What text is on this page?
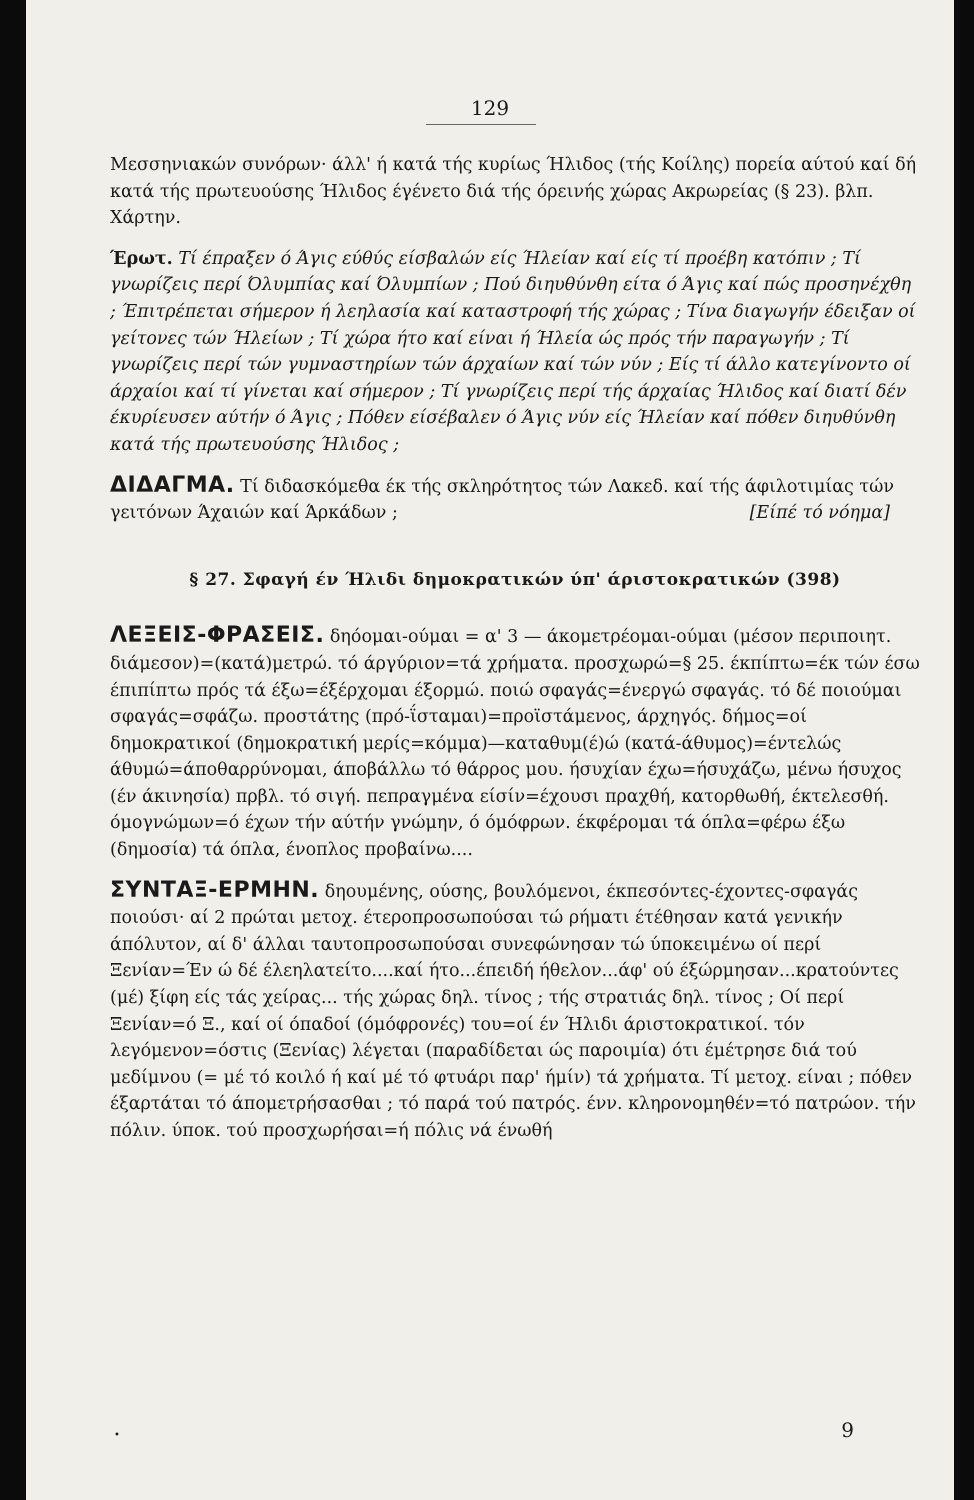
129

Μεσσηνιακών συνόρων· άλλ' ή κατά τής κυρίως Ήλιδος (τής Κοίλης) πορεία αύτού καί δή κατά τής πρωτευούσης Ήλιδος έγένετο διά τής όρεινής χώρας Ακρωρείας (§ 23). βλπ. Χάρτην.

Έρωτ. Τί έπραξεν ό Άγις εύθύς είσβαλών είς Ήλείαν καί είς τί προέβη κατόπιν ; Τί γνωρίζεις περί Όλυμπίας καί Όλυμπίων ; Πού διηυθύνθη είτα ό Άγις καί πώς προσηνέχθη ; Έπιτρέπεται σήμερον ή λεηλασία καί καταστροφή τής χώρας ; Τίνα διαγωγήν έδειξαν οί γείτονες τών Ήλείων ; Τί χώρα ήτο καί είναι ή Ήλεία ώς πρός τήν παραγωγήν ; Τί γνωρίζεις περί τών γυμναστηρίων τών άρχαίων καί τών νύν ; Είς τί άλλο κατεγίνοντο οί άρχαίοι καί τί γίνεται καί σήμερον ; Τί γνωρίζεις περί τής άρχαίας Ήλιδος καί διατί δέν έκυρίευσεν αύτήν ό Άγις ; Πόθεν είσέβαλεν ό Άγις νύν είς Ήλείαν καί πόθεν διηυθύνθη κατά τής πρωτευούσης Ήλιδος ;

ΔΙΔΑΓΜΑ. Τί διδασκόμεθα έκ τής σκληρότητος τών Λακεδ. καί τής άφιλοτιμίας τών γειτόνων Άχαιών καί Άρκάδων ;	[Είπέ τό νόημα]

§ 27. Σφαγή έν Ήλιδι δημοκρατικών ύπ' άριστοκρατικών (398)

ΛΕΞΕΙΣ-ΦΡΑΣΕΙΣ. δηόομαι-ούμαι = α' 3 — άκομετρέομαι-ούμαι (μέσον περιποιητ. διάμεσον)=(κατά)μετρώ. τό άργύριον=τά χρήματα. προσχωρώ=§ 25. έκπίπτω=έκ τών έσω έπιπίπτω πρός τά έξω=έξέρχομαι έξορμώ. ποιώ σφαγάς=ένεργώ σφαγάς. τό δέ ποιούμαι σφαγάς=σφάζω. προστάτης (πρό-ΐσταμαι)=προϊστάμενος, άρχηγός. δήμος=οί δημοκρατικοί (δημοκρατική μερίς=κόμμα)—καταθυμ(έ)ώ (κατά-άθυμος)=έντελώς άθυμώ=άποθαρρύνομαι, άποβάλλω τό θάρρος μου. ήσυχίαν έχω=ήσυχάζω, μένω ήσυχος (έν άκινησία) πρβλ. τό σιγή. πεπραγμένα είσίν=έχουσι πραχθή, κατορθωθή, έκτελεσθή. όμογνώμων=ό έχων τήν αύτήν γνώμην, ό όμόφρων. έκφέρομαι τά όπλα=φέρω έξω (δημοσία) τά όπλα, ένοπλος προβαίνω....

ΣΥΝΤΑΞ-ΕΡΜΗΝ. δηουμένης, ούσης, βουλόμενοι, έκπεσόντες-έχοντες-σφαγάς ποιούσι· αί 2 πρώται μετοχ. έτεροπροσωπούσαι τώ ρήματι έτέθησαν κατά γενικήν άπόλυτον, αί δ' άλλαι ταυτοπροσωπούσαι συνεφώνησαν τώ ύποκειμένω οί περί Ξενίαν=Έν ώ δέ έλεηλατείτο....καί ήτο...έπειδή ήθελον...άφ' ού έξώρμησαν...κρατούντες (μέ) ξίφη είς τάς χείρας... τής χώρας δηλ. τίνος ; τής στρατιάς δηλ. τίνος ; Οί περί Ξενίαν=ό Ξ., καί οί όπαδοί (όμόφρονές) του=οί έν Ήλιδι άριστοκρατικοί. τόν λεγόμενον=όστις (Ξενίας) λέγεται (παραδίδεται ώς παροιμία) ότι έμέτρησε διά τού μεδίμνου (= μέ τό κοιλό ή καί μέ τό φτυάρι παρ' ήμίν) τά χρήματα. Τί μετοχ. είναι ; πόθεν έξαρτάται τό άπομετρήσασθαι ; τό παρά τού πατρός. ένν. κληρονομηθέν=τό πατρώον. τήν πόλιν. ύποκ. τού προσχωρήσαι=ή πόλις νά ένωθή

•	9
